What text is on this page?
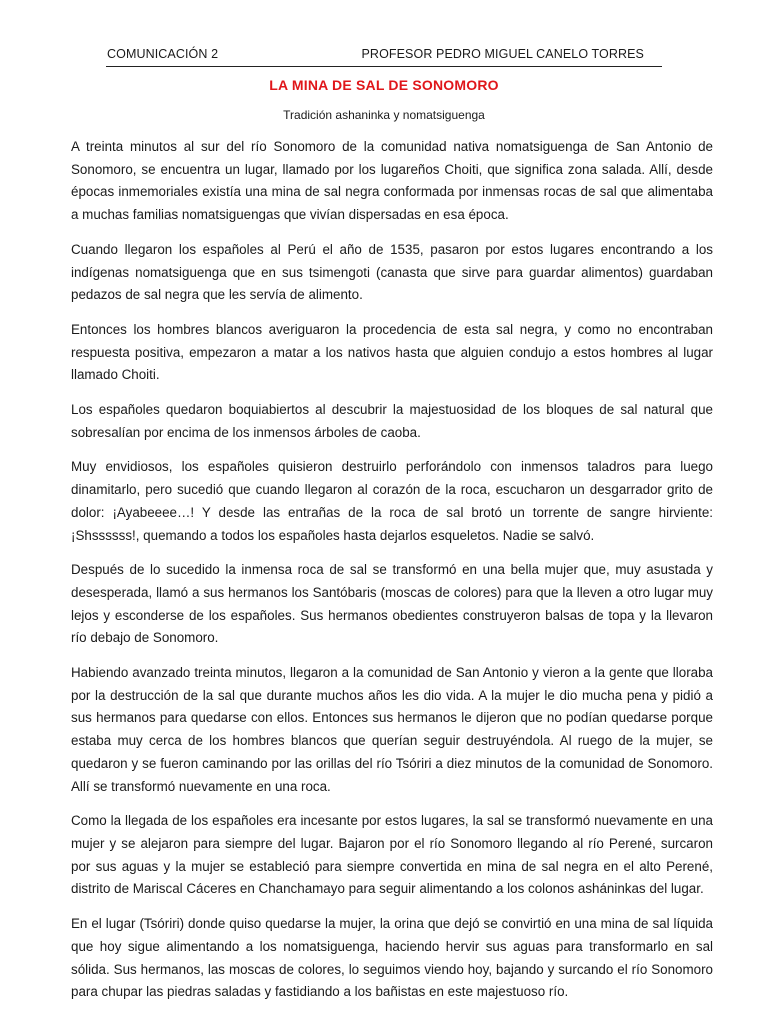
COMUNICACIÓN 2	PROFESOR PEDRO MIGUEL CANELO TORRES
LA MINA DE SAL DE SONOMORO
Tradición ashaninka y nomatsiguenga

A treinta minutos al sur del río Sonomoro de la comunidad nativa nomatsiguenga de San Antonio de Sonomoro, se encuentra un lugar, llamado por los lugareños Choiti, que significa zona salada. Allí, desde épocas inmemoriales existía una mina de sal negra conformada por inmensas rocas de sal que alimentaba a muchas familias nomatsiguengas que vivían dispersadas en esa época.

Cuando llegaron los españoles al Perú el año de 1535, pasaron por estos lugares encontrando a los indígenas nomatsiguenga que en sus tsimengoti (canasta que sirve para guardar alimentos) guardaban pedazos de sal negra que les servía de alimento.

Entonces los hombres blancos averiguaron la procedencia de esta sal negra, y como no encontraban respuesta positiva, empezaron a matar a los nativos hasta que alguien condujo a estos hombres al lugar llamado Choiti.

Los españoles quedaron boquiabiertos al descubrir la majestuosidad de los bloques de sal natural que sobresalían por encima de los inmensos árboles de caoba.

Muy envidiosos, los españoles quisieron destruirlo perforándolo con inmensos taladros para luego dinamitarlo, pero sucedió que cuando llegaron al corazón de la roca, escucharon un desgarrador grito de dolor: ¡Ayabeeee…! Y desde las entrañas de la roca de sal brotó un torrente de sangre hirviente: ¡Shssssss!, quemando a todos los españoles hasta dejarlos esqueletos. Nadie se salvó.

Después de lo sucedido la inmensa roca de sal se transformó en una bella mujer que, muy asustada y desesperada, llamó a sus hermanos los Santóbaris (moscas de colores) para que la lleven a otro lugar muy lejos y esconderse de los españoles. Sus hermanos obedientes construyeron balsas de topa y la llevaron río debajo de Sonomoro.

Habiendo avanzado treinta minutos, llegaron a la comunidad de San Antonio y vieron a la gente que lloraba por la destrucción de la sal que durante muchos años les dio vida. A la mujer le dio mucha pena y pidió a sus hermanos para quedarse con ellos. Entonces sus hermanos le dijeron que no podían quedarse porque estaba muy cerca de los hombres blancos que querían seguir destruyéndola. Al ruego de la mujer, se quedaron y se fueron caminando por las orillas del río Tsóriri a diez minutos de la comunidad de Sonomoro. Allí se transformó nuevamente en una roca.

Como la llegada de los españoles era incesante por estos lugares, la sal se transformó nuevamente en una mujer y se alejaron para siempre del lugar. Bajaron por el río Sonomoro llegando al río Perené, surcaron por sus aguas y la mujer se estableció para siempre convertida en mina de sal negra en el alto Perené, distrito de Mariscal Cáceres en Chanchamayo para seguir alimentando a los colonos asháninkas del lugar.

En el lugar (Tsóriri) donde quiso quedarse la mujer, la orina que dejó se convirtió en una mina de sal líquida que hoy sigue alimentando a los nomatsiguenga, haciendo hervir sus aguas para transformarlo en sal sólida. Sus hermanos, las moscas de colores, lo seguimos viendo hoy, bajando y surcando el río Sonomoro para chupar las piedras saladas y fastidiando a los bañistas en este majestuoso río.
